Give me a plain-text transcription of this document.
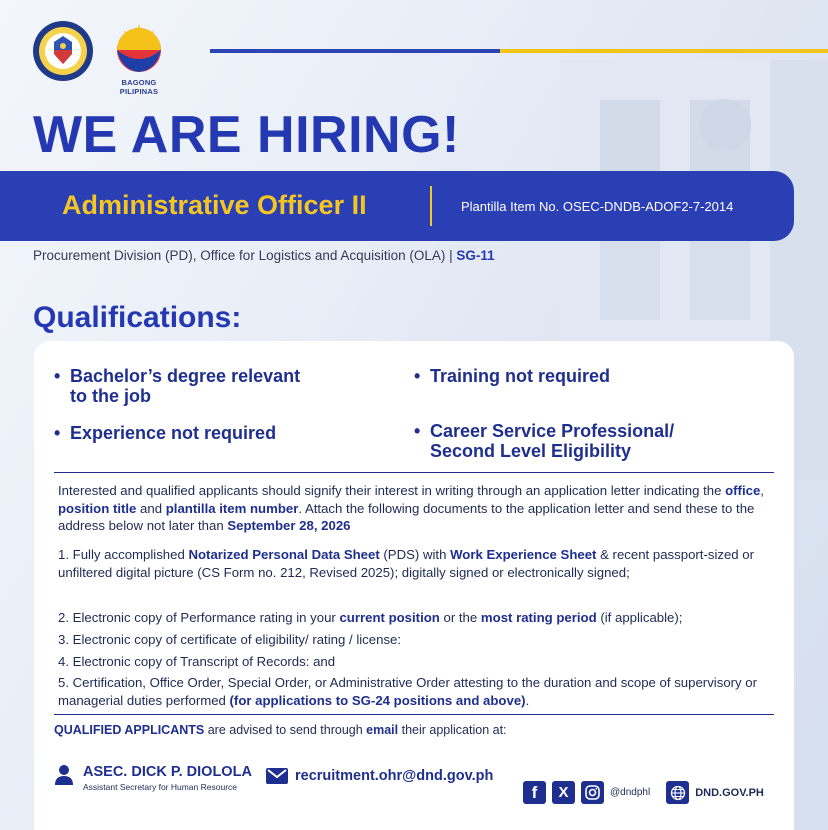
BAGONG PILIPINAS
WE ARE HIRING!
Administrative Officer II	Plantilla Item No. OSEC-DNDB-ADOF2-7-2014
Procurement Division (PD), Office for Logistics and Acquisition (OLA) | SG-11
Qualifications:
• Bachelor’s degree relevant
to the job
• Experience not required
• Training not required
• Career Service Professional/
Second Level Eligibility
Interested and qualified applicants should signify their interest in writing through an application letter indicating the office, position title and plantilla item number. Attach the following documents to the application letter and send these to the address below not later than September 28, 2026
1. Fully accomplished Notarized Personal Data Sheet (PDS) with Work Experience Sheet & recent passport-sized or unfiltered digital picture (CS Form no. 212, Revised 2025); digitally signed or electronically signed;
2. Electronic copy of Performance rating in your current position or the most rating period (if applicable);
3. Electronic copy of certificate of eligibility/ rating / license:
4. Electronic copy of Transcript of Records: and
5. Certification, Office Order, Special Order, or Administrative Order attesting to the duration and scope of supervisory or managerial duties performed (for applications to SG-24 positions and above).
QUALIFIED APPLICANTS are advised to send through email their application at:
ASEC. DICK P. DIOLOLA
Assistant Secretary for Human Resource
recruitment.ohr@dnd.gov.ph
f	X	@dndphl	DND.GOV.PH
